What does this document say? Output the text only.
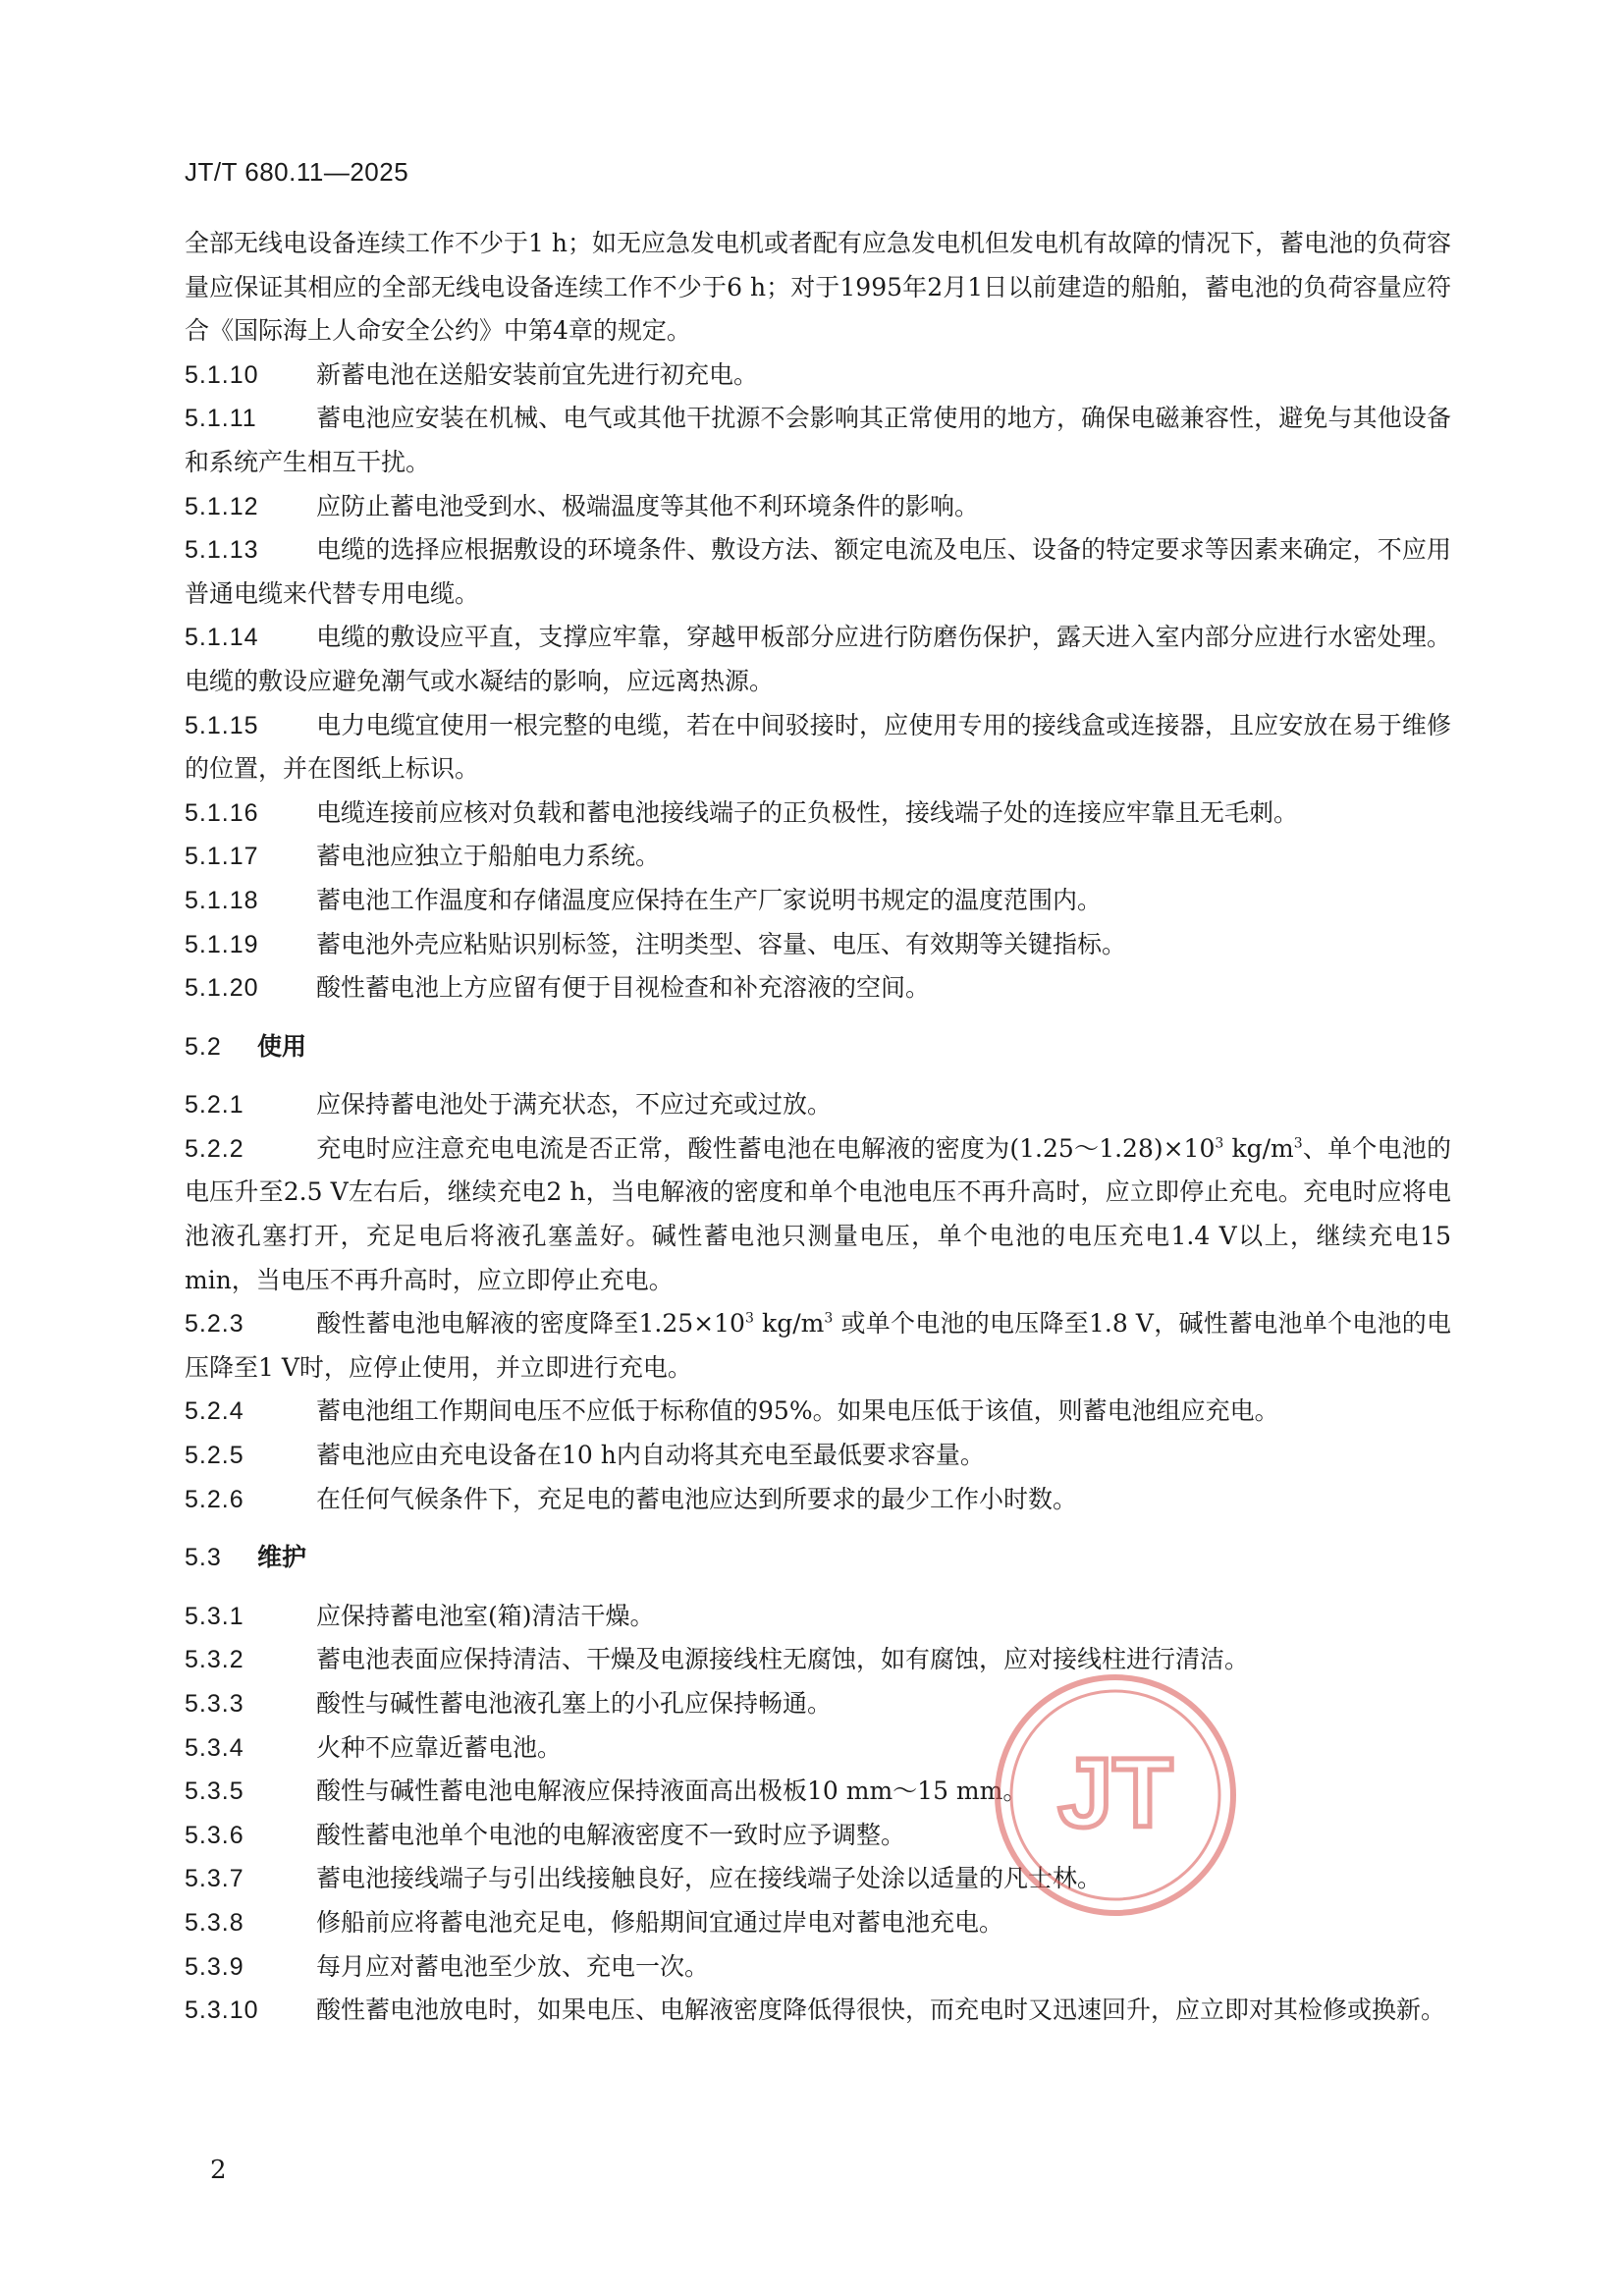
JT/T 680.11—2025

全部无线电设备连续工作不少于1 h；如无应急发电机或者配有应急发电机但发电机有故障的情况下，蓄电池的负荷容量应保证其相应的全部无线电设备连续工作不少于6 h；对于1995年2月1日以前建造的船舶，蓄电池的负荷容量应符合《国际海上人命安全公约》中第4章的规定。

5.1.10 新蓄电池在送船安装前宜先进行初充电。
5.1.11 蓄电池应安装在机械、电气或其他干扰源不会影响其正常使用的地方，确保电磁兼容性，避免与其他设备和系统产生相互干扰。
5.1.12 应防止蓄电池受到水、极端温度等其他不利环境条件的影响。
5.1.13 电缆的选择应根据敷设的环境条件、敷设方法、额定电流及电压、设备的特定要求等因素来确定，不应用普通电缆来代替专用电缆。
5.1.14 电缆的敷设应平直，支撑应牢靠，穿越甲板部分应进行防磨伤保护，露天进入室内部分应进行水密处理。电缆的敷设应避免潮气或水凝结的影响，应远离热源。
5.1.15 电力电缆宜使用一根完整的电缆，若在中间驳接时，应使用专用的接线盒或连接器，且应安放在易于维修的位置，并在图纸上标识。
5.1.16 电缆连接前应核对负载和蓄电池接线端子的正负极性，接线端子处的连接应牢靠且无毛刺。
5.1.17 蓄电池应独立于船舶电力系统。
5.1.18 蓄电池工作温度和存储温度应保持在生产厂家说明书规定的温度范围内。
5.1.19 蓄电池外壳应粘贴识别标签，注明类型、容量、电压、有效期等关键指标。
5.1.20 酸性蓄电池上方应留有便于目视检查和补充溶液的空间。
5.2 使用
5.2.1	应保持蓄电池处于满充状态，不应过充或过放。
5.2.2	充电时应注意充电电流是否正常，酸性蓄电池在电解液的密度为$(1.25\sim 1.28)\times 10^3$ $kg/m^3$、单个电池的电压升至2.5 V左右后，继续充电2 h，当电解液的密度和单个电池电压不再升高时，应立即停止充电。充电时应将电池液孔塞打开，充足电后将液孔塞盖好。碱性蓄电池只测量电压，单个电池的电压充电1.4 V以上，继续充电15 min，当电压不再升高时，应立即停止充电。
5.2.3	酸性蓄电池电解液的密度降至$1.25\times 10^3$ $kg/m^3$ 或单个电池的电压降至1.8 V，碱性蓄电池单个电池的电压降至1 V时，应停止使用，并立即进行充电。
5.2.4	蓄电池组工作期间电压不应低于标称值的95%。如果电压低于该值，则蓄电池组应充电。
5.2.5	蓄电池应由充电设备在10 h内自动将其充电至最低要求容量。
5.2.6	在任何气候条件下，充足电的蓄电池应达到所要求的最少工作小时数。
5.3 维护
5.3.1	应保持蓄电池室(箱)清洁干燥。
5.3.2	蓄电池表面应保持清洁、干燥及电源接线柱无腐蚀，如有腐蚀，应对接线柱进行清洁。
5.3.3	酸性与碱性蓄电池液孔塞上的小孔应保持畅通。
5.3.4	火种不应靠近蓄电池。
5.3.5	酸性与碱性蓄电池电解液应保持液面高出极板10 mm～15 mm。
5.3.6	酸性蓄电池单个电池的电解液密度不一致时应予调整。
5.3.7	蓄电池接线端子与引出线接触良好，应在接线端子处涂以适量的凡士林。
5.3.8	修船前应将蓄电池充足电，修船期间宜通过岸电对蓄电池充电。
5.3.9	每月应对蓄电池至少放、充电一次。
5.3.10 酸性蓄电池放电时，如果电压、电解液密度降低得很快，而充电时又迅速回升，应立即对其检修或换新。
JT
2
